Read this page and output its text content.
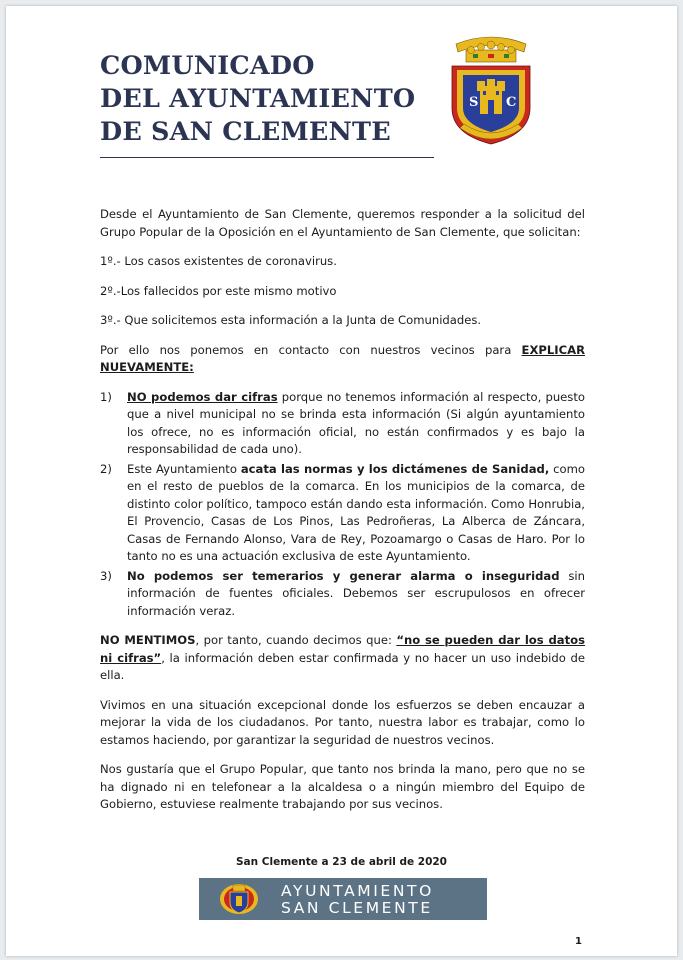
COMUNICADO
DEL AYUNTAMIENTO
DE SAN CLEMENTE
S C

Desde el Ayuntamiento de San Clemente, queremos responder a la solicitud del Grupo Popular de la Oposición en el Ayuntamiento de San Clemente, que solicitan:

1º.- Los casos existentes de coronavirus.

2º.-Los fallecidos por este mismo motivo

3º.- Que solicitemos esta información a la Junta de Comunidades.

Por ello nos ponemos en contacto con nuestros vecinos para EXPLICAR NUEVAMENTE:

1) NO podemos dar cifras porque no tenemos información al respecto, puesto que a nivel municipal no se brinda esta información (Si algún ayuntamiento los ofrece, no es información oficial, no están confirmados y es bajo la responsabilidad de cada uno).
2) Este Ayuntamiento acata las normas y los dictámenes de Sanidad, como en el resto de pueblos de la comarca. En los municipios de la comarca, de distinto color político, tampoco están dando esta información. Como Honrubia, El Provencio, Casas de Los Pinos, Las Pedroñeras, La Alberca de Záncara, Casas de Fernando Alonso, Vara de Rey, Pozoamargo o Casas de Haro. Por lo tanto no es una actuación exclusiva de este Ayuntamiento.
3) No podemos ser temerarios y generar alarma o inseguridad sin información de fuentes oficiales. Debemos ser escrupulosos en ofrecer información veraz.

NO MENTIMOS, por tanto, cuando decimos que: “no se pueden dar los datos ni cifras”, la información deben estar confirmada y no hacer un uso indebido de ella.

Vivimos en una situación excepcional donde los esfuerzos se deben encauzar a mejorar la vida de los ciudadanos. Por tanto, nuestra labor es trabajar, como lo estamos haciendo, por garantizar la seguridad de nuestros vecinos.

Nos gustaría que el Grupo Popular, que tanto nos brinda la mano, pero que no se ha dignado ni en telefonear a la alcaldesa o a ningún miembro del Equipo de Gobierno, estuviese realmente trabajando por sus vecinos.

San Clemente a 23 de abril de 2020
AYUNTAMIENTO
SAN CLEMENTE
1
